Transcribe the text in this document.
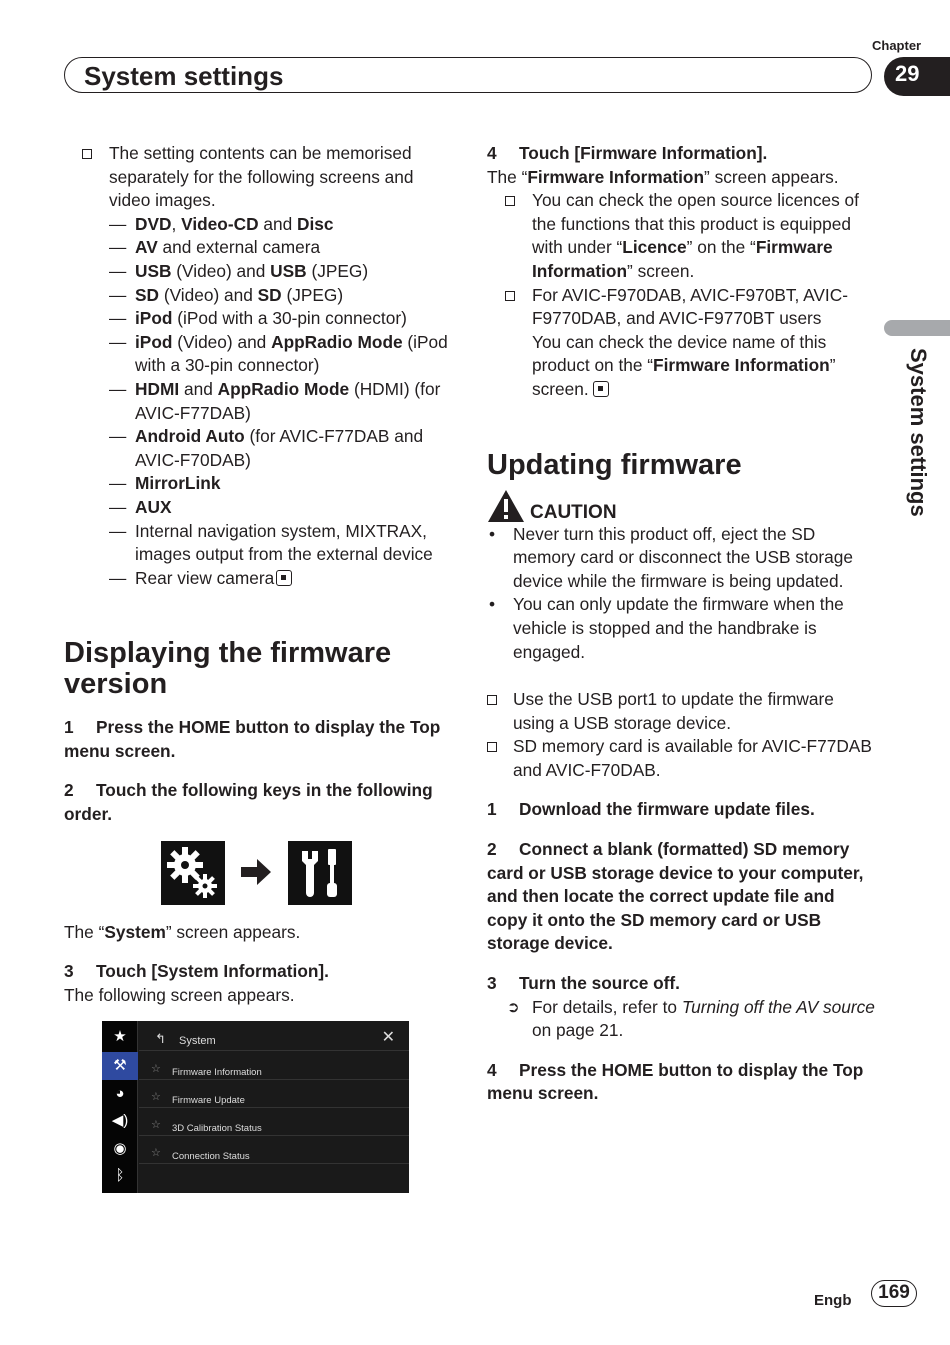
Chapter
29
System settings
System settings
The setting contents can be memorised separately for the following screens and video images.
— DVD, Video-CD and Disc
— AV and external camera
— USB (Video) and USB (JPEG)
— SD (Video) and SD (JPEG)
— iPod (iPod with a 30-pin connector)
— iPod (Video) and AppRadio Mode (iPod with a 30-pin connector)
— HDMI and AppRadio Mode (HDMI) (for AVIC-F77DAB)
— Android Auto (for AVIC-F77DAB and AVIC-F70DAB)
— MirrorLink
— AUX
— Internal navigation system, MIXTRAX, images output from the external device
— Rear view camera
Displaying the firmware version
1 Press the HOME button to display the Top menu screen.
2 Touch the following keys in the following order.
The “System” screen appears.
3 Touch [System Information].
The following screen appears.
★
⚒
◕
◀)
◉
ᛒ
↰ System	✕
☆ Firmware Information
☆ Firmware Update
☆ 3D Calibration Status
☆ Connection Status
4 Touch [Firmware Information].
The “Firmware Information” screen appears.
You can check the open source licences of the functions that this product is equipped with under “Licence” on the “Firmware Information” screen.
For AVIC-F970DAB, AVIC-F970BT, AVIC-F9770DAB, and AVIC-F9770BT users
You can check the device name of this product on the “Firmware Information” screen.
Updating firmware
CAUTION
• Never turn this product off, eject the SD memory card or disconnect the USB storage device while the firmware is being updated.
• You can only update the firmware when the vehicle is stopped and the handbrake is engaged.
Use the USB port1 to update the firmware using a USB storage device.
SD memory card is available for AVIC-F77DAB and AVIC-F70DAB.
1 Download the firmware update files.
2 Connect a blank (formatted) SD memory card or USB storage device to your computer, and then locate the correct update file and copy it onto the SD memory card or USB storage device.
3 Turn the source off.
➲ For details, refer to Turning off the AV source on page 21.
4 Press the HOME button to display the Top menu screen.
Engb	169
